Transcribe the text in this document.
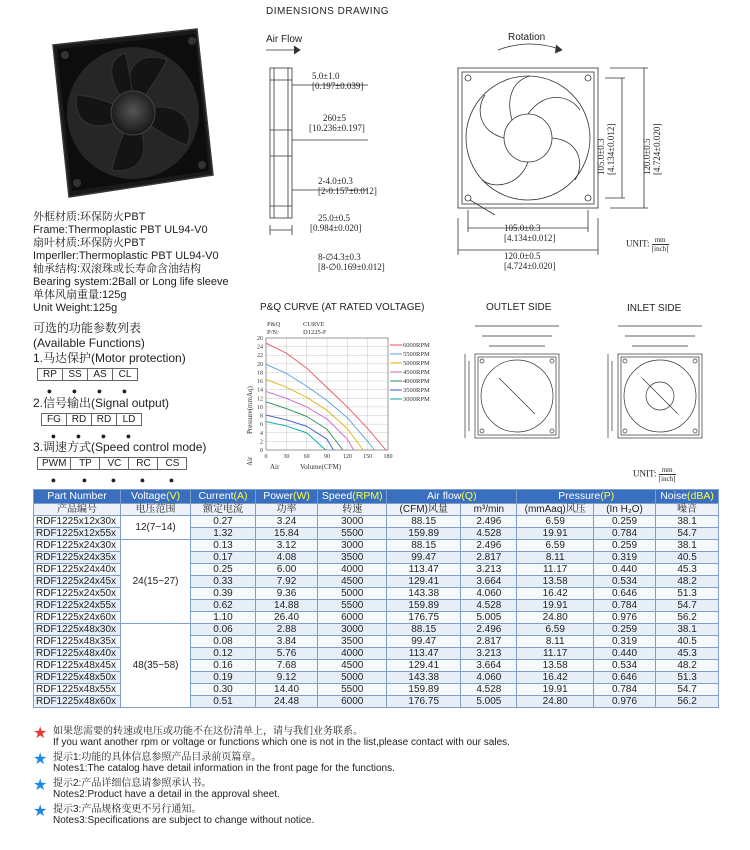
外框材质:环保防火PBT
Frame:Thermoplastic PBT UL94-V0
扇叶材质:环保防火PBT
Imperller:Thermoplastic PBT UL94-V0
轴承结构:双滚珠或长寿命含油结构
Bearing system:2Ball or Long life sleeve
单体风扇重量:125g
Unit Weight:125g
可选的功能参数列表
(Available Functions)
1.马达保护(Motor protection)
RP	SS	AS	CL
● ● ● ●
2.信号输出(Signal output)
FG	RD	RD	LD
● ● ● ●
3.调速方式(Speed control mode)
PWM	TP	VC	RC	CS
●	●	●	●	●
DIMENSIONS DRAWING
Air Flow	Rotation
5.0±1.0
[0.197±0.039]
260±5
[10.236±0.197]
2-4.0±0.3
[2-0.157±0.012]
25.0±0.5
[0.984±0.020]
8-∅4.3±0.3
[8-∅0.169±0.012]
105.0±0.3
[4.134±0.012]
120.0±0.5
[4.724±0.020]
105.0±0.3 [4.134±0.012]	120.0±0.5 [4.724±0.020]
UNIT: mm
[inch]
P&Q CURVE (AT RATED VOLTAGE)	OUTLET SIDE	INLET SIDE
0
2
4
6
8
10
12
14
16
18
20
22
24
26
0	30 60 90 120 150 180
6000RPM
5500RPM
5000RPM
4500RPM
4000RPM
3500RPM
3000RPM
P&Q
P/N:
CURVE
D1225-F
Air	Volume(CFM)
Pressure(mmAq)
Air
UNIT: mm
[inch]
Part Number	Voltage(V)	Current(A)	Power(W)	Speed(RPM)	Air flow(Q)		Pressure(P)		Noise(dBA)
产品编号	电压范围	额定电流	功率	转速	(CFM)风量	m³/min	(mmAaq)风压	(In H₂O)	噪音
RDF1225x12x30x	12(7~14)	0.27	3.24	3000	88.15	2.496	6.59	0.259	38.1
RDF1225x12x55x		1.32	15.84	5500	159.89	4.528	19.91	0.784	54.7
RDF1225x24x30x	24(15~27)	0.13	3.12	3000	88.15	2.496	6.59	0.259	38.1
RDF1225x24x35x		0.17	4.08	3500	99.47	2.817	8.11	0.319	40.5
RDF1225x24x40x		0.25	6.00	4000	113.47	3.213	11.17	0.440	45.3
RDF1225x24x45x		0.33	7.92	4500	129.41	3.664	13.58	0.534	48.2
RDF1225x24x50x		0.39	9.36	5000	143.38	4.060	16.42	0.646	51.3
RDF1225x24x55x		0.62	14.88	5500	159.89	4.528	19.91	0.784	54.7
RDF1225x24x60x		1.10	26.40	6000	176.75	5.005	24.80	0.976	56.2
RDF1225x48x30x	48(35~58)	0.06	2.88	3000	88.15	2.496	6.59	0.259	38.1
RDF1225x48x35x		0.08	3.84	3500	99.47	2.817	8.11	0.319	40.5
RDF1225x48x40x		0.12	5.76	4000	113.47	3.213	11.17	0.440	45.3
RDF1225x48x45x		0.16	7.68	4500	129.41	3.664	13.58	0.534	48.2
RDF1225x48x50x		0.19	9.12	5000	143.38	4.060	16.42	0.646	51.3
RDF1225x48x55x		0.30	14.40	5500	159.89	4.528	19.91	0.784	54.7
RDF1225x48x60x		0.51	24.48	6000	176.75	5.005	24.80	0.976	56.2
★ 如果您需要的转速或电压或功能不在这份清单上，请与我们业务联系。
If you want another rpm or voltage or functions which one is not in the list,please contact with our sales.
★ 提示1:功能的具体信息参照产品目录前页篇章。
Notes1:The catalog have detail information in the front page for the functions.
★ 提示2:产品详细信息请参照承认书。
Notes2:Product have a detail in the approval sheet.
★ 提示3:产品规格变更不另行通知。
Notes3:Specifications are subject to change without notice.
